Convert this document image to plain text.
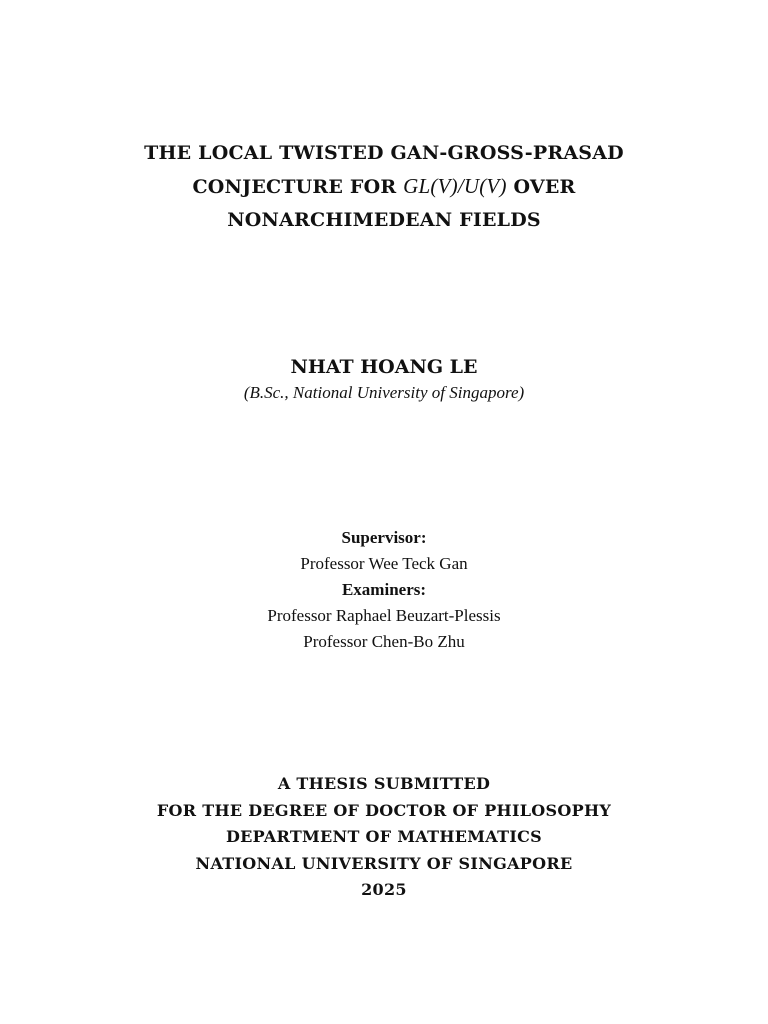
THE LOCAL TWISTED GAN-GROSS-PRASAD
CONJECTURE FOR GL(V)/U(V) OVER
NONARCHIMEDEAN FIELDS
NHAT HOANG LE
(B.Sc., National University of Singapore)
Supervisor:
Professor Wee Teck Gan
Examiners:
Professor Raphael Beuzart-Plessis
Professor Chen-Bo Zhu
A THESIS SUBMITTED
FOR THE DEGREE OF DOCTOR OF PHILOSOPHY
DEPARTMENT OF MATHEMATICS
NATIONAL UNIVERSITY OF SINGAPORE
2025
